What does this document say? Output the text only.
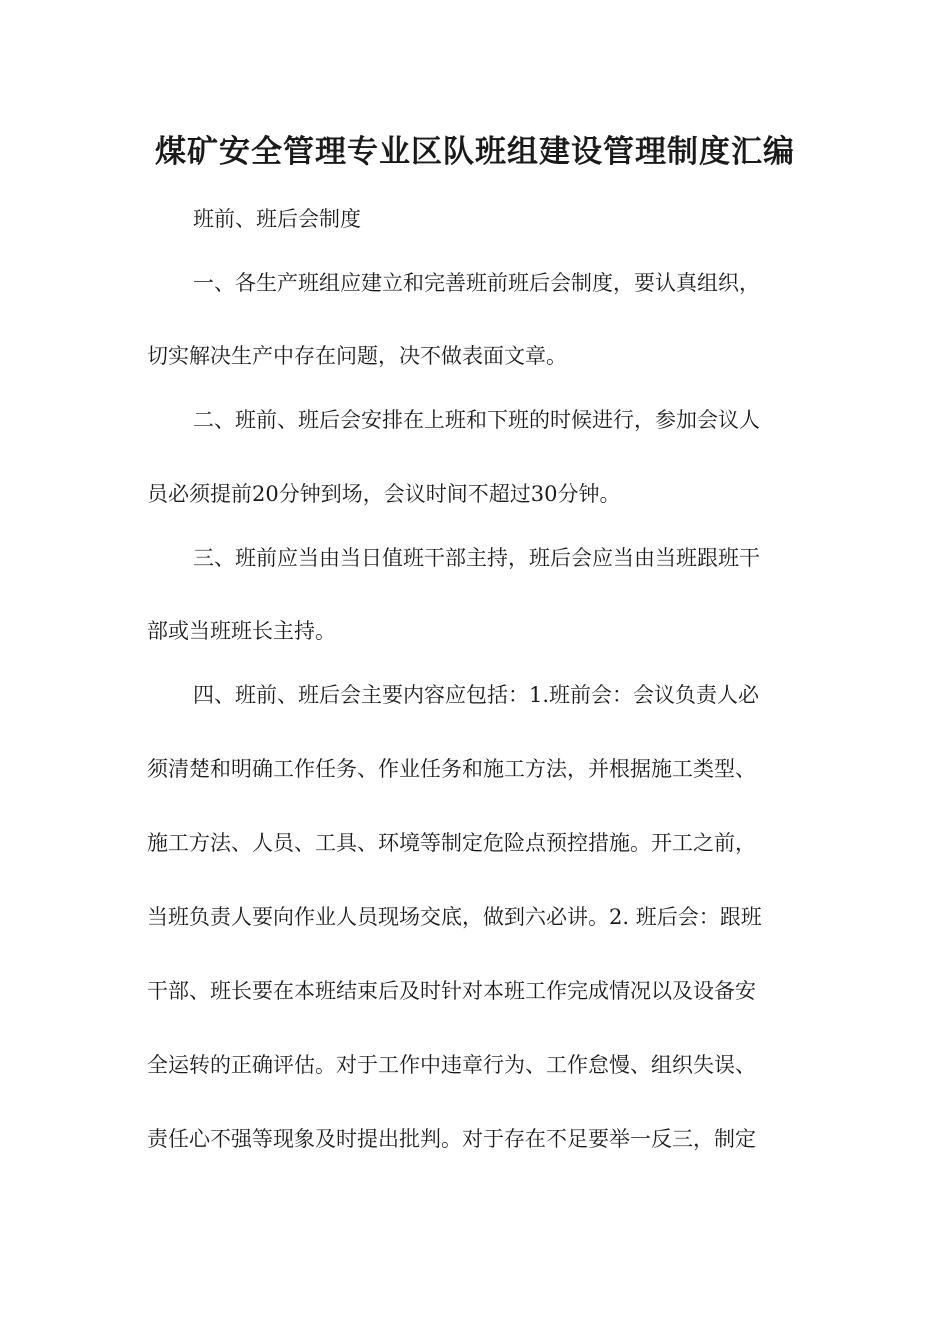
煤矿安全管理专业区队班组建设管理制度汇编
班前、班后会制度
一、各生产班组应建立和完善班前班后会制度，要认真组织，
切实解决生产中存在问题，决不做表面文章。
二、班前、班后会安排在上班和下班的时候进行，参加会议人
员必须提前20分钟到场，会议时间不超过30分钟。
三、班前应当由当日值班干部主持，班后会应当由当班跟班干
部或当班班长主持。
四、班前、班后会主要内容应包括：1.班前会：会议负责人必
须清楚和明确工作任务、作业任务和施工方法，并根据施工类型、
施工方法、人员、工具、环境等制定危险点预控措施。开工之前，
当班负责人要向作业人员现场交底，做到六必讲。2. 班后会：跟班
干部、班长要在本班结束后及时针对本班工作完成情况以及设备安
全运转的正确评估。对于工作中违章行为、工作怠慢、组织失误、
责任心不强等现象及时提出批判。对于存在不足要举一反三，制定
